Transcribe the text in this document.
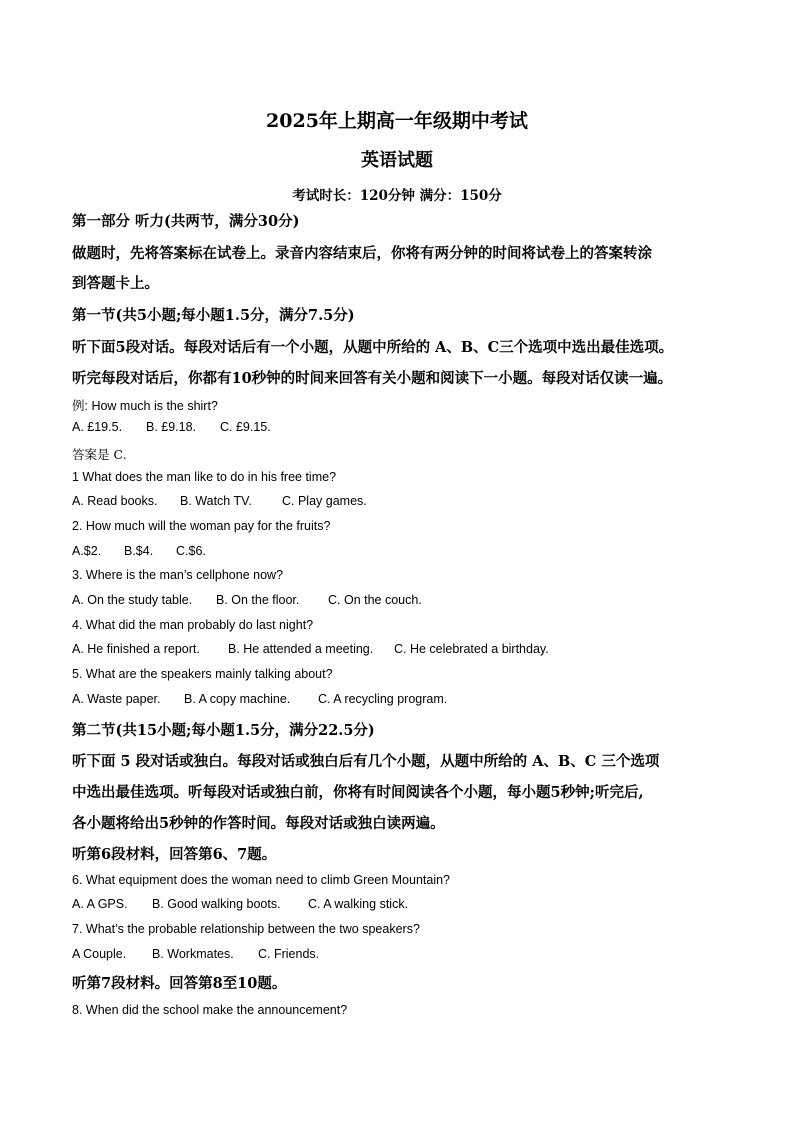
2025年上期高一年级期中考试
英语试题
考试时长：120分钟 满分：150分
第一部分 听力(共两节，满分30分)
做题时，先将答案标在试卷上。录音内容结束后，你将有两分钟的时间将试卷上的答案转涂
到答题卡上。
第一节(共5小题;每小题1.5分，满分7.5分)
听下面5段对话。每段对话后有一个小题，从题中所给的 A、B、C三个选项中选出最佳选项。
听完每段对话后，你都有10秒钟的时间来回答有关小题和阅读下一小题。每段对话仅读一遍。
例: How much is the shirt?
A. £19.5. B. £9.18. C. £9.15.
答案是 C.
1 What does the man like to do in his free time?
A. Read books. B. Watch TV. C. Play games.
2. How much will the woman pay for the fruits?
A.$2. B.$4. C.$6.
3. Where is the man’s cellphone now?
A. On the study table. B. On the floor. C. On the couch.
4. What did the man probably do last night?
A. He finished a report. B. He attended a meeting. C. He celebrated a birthday.
5. What are the speakers mainly talking about?
A. Waste paper. B. A copy machine. C. A recycling program.
第二节(共15小题;每小题1.5分，满分22.5分)
听下面 5 段对话或独白。每段对话或独白后有几个小题，从题中所给的 A、B、C 三个选项
中选出最佳选项。听每段对话或独白前，你将有时间阅读各个小题，每小题5秒钟;听完后,
各小题将给出5秒钟的作答时间。每段对话或独白读两遍。
听第6段材料，回答第6、7题。
6. What equipment does the woman need to climb Green Mountain?
A. A GPS. B. Good walking boots. C. A walking stick.
7. What’s the probable relationship between the two speakers?
A Couple. B. Workmates. C. Friends.
听第7段材料。回答第8至10题。
8. When did the school make the announcement?
